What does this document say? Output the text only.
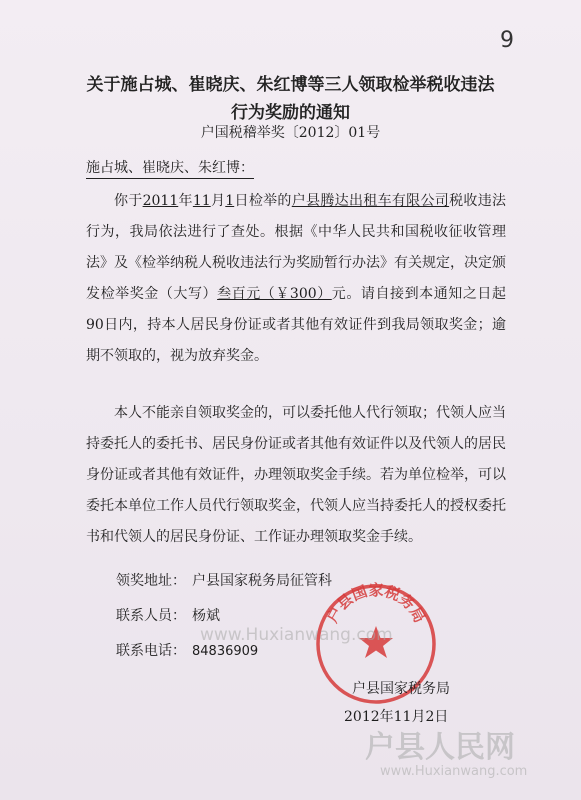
9
关于施占城、崔晓庆、朱红博等三人领取检举税收违法
行为奖励的通知
户国税稽举奖〔2012〕01号
施占城、崔晓庆、朱红博：
你于2011年11月1日检举的户县腾达出租车有限公司税收违法行为，我局依法进行了查处。根据《中华人民共和国税收征收管理法》及《检举纳税人税收违法行为奖励暂行办法》有关规定，决定颁发检举奖金（大写）叁百元（￥300）元。请自接到本通知之日起90日内，持本人居民身份证或者其他有效证件到我局领取奖金；逾期不领取的，视为放弃奖金。
本人不能亲自领取奖金的，可以委托他人代行领取；代领人应当持委托人的委托书、居民身份证或者其他有效证件以及代领人的居民身份证或者其他有效证件，办理领取奖金手续。若为单位检举，可以委托本单位工作人员代行领取奖金，代领人应当持委托人的授权委托书和代领人的居民身份证、工作证办理领取奖金手续。
领奖地址： 户县国家税务局征管科
联系人员： 杨斌
联系电话： 84836909
户县国家税务局
www.Huxianwang.com
户县国家税务局
2012年11月2日
户县人民网
www.Huxianwang.com
